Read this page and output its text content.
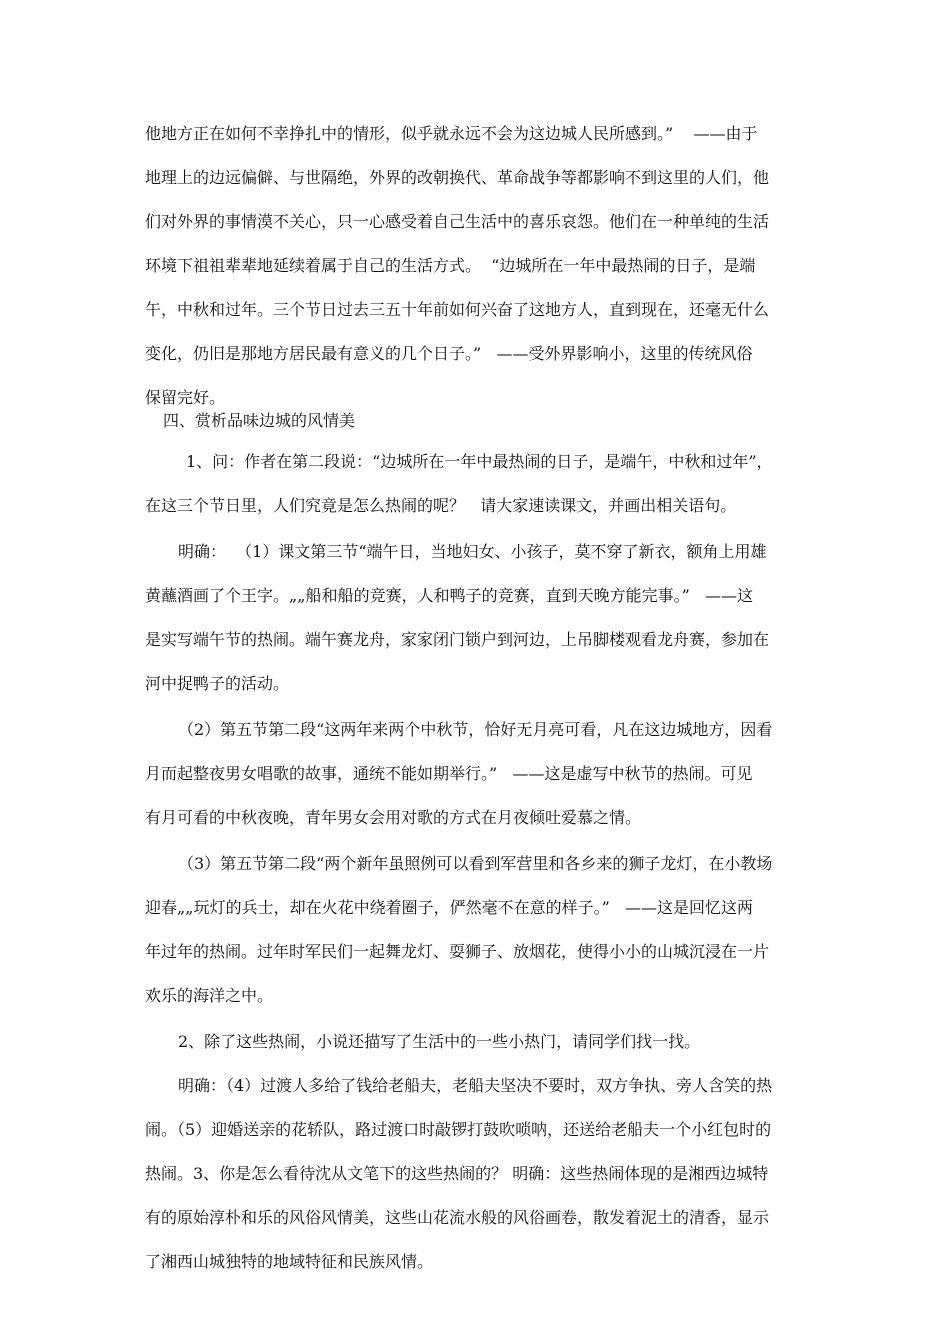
他地方正在如何不幸挣扎中的情形，似乎就永远不会为这边城人民所感到。”    ——由于
地理上的边远偏僻、与世隔绝，外界的改朝换代、革命战争等都影响不到这里的人们，他
们对外界的事情漠不关心，只一心感受着自己生活中的喜乐哀怨。他们在一种单纯的生活
环境下祖祖辈辈地延续着属于自己的生活方式。  “边城所在一年中最热闹的日子，是端
午，中秋和过年。三个节日过去三五十年前如何兴奋了这地方人，直到现在，还毫无什么
变化，仍旧是那地方居民最有意义的几个日子。”   ——受外界影响小，这里的传统风俗
保留完好。
四、赏析品味边城的风情美
1、问：作者在第二段说：“边城所在一年中最热闹的日子，是端午，中秋和过年”，
在这三个节日里，人们究竟是怎么热闹的呢？   请大家速读课文，并画出相关语句。
明确：  （1）课文第三节“端午日，当地妇女、小孩子，莫不穿了新衣，额角上用雄
黄蘸酒画了个王字。„„船和船的竞赛，人和鸭子的竞赛，直到天晚方能完事。”   ——这
是实写端午节的热闹。端午赛龙舟，家家闭门锁户到河边，上吊脚楼观看龙舟赛，参加在
河中捉鸭子的活动。
（2）第五节第二段“这两年来两个中秋节，恰好无月亮可看，凡在这边城地方，因看
月而起整夜男女唱歌的故事，通统不能如期举行。”   ——这是虚写中秋节的热闹。可见
有月可看的中秋夜晚，青年男女会用对歌的方式在月夜倾吐爱慕之情。
（3）第五节第二段“两个新年虽照例可以看到军营里和各乡来的狮子龙灯，在小教场
迎春„„玩灯的兵士，却在火花中绕着圈子，俨然毫不在意的样子。”   ——这是回忆这两
年过年的热闹。过年时军民们一起舞龙灯、耍狮子、放烟花，使得小小的山城沉浸在一片
欢乐的海洋之中。
2、除了这些热闹，小说还描写了生活中的一些小热门，请同学们找一找。
明确：（4）过渡人多给了钱给老船夫，老船夫坚决不要时，双方争执、旁人含笑的热
闹。（5）迎婚送亲的花轿队，路过渡口时敲锣打鼓吹唢呐，还送给老船夫一个小红包时的
热闹。3、你是怎么看待沈从文笔下的这些热闹的？ 明确：这些热闹体现的是湘西边城特
有的原始淳朴和乐的风俗风情美，这些山花流水般的风俗画卷，散发着泥土的清香，显示
了湘西山城独特的地域特征和民族风情。
